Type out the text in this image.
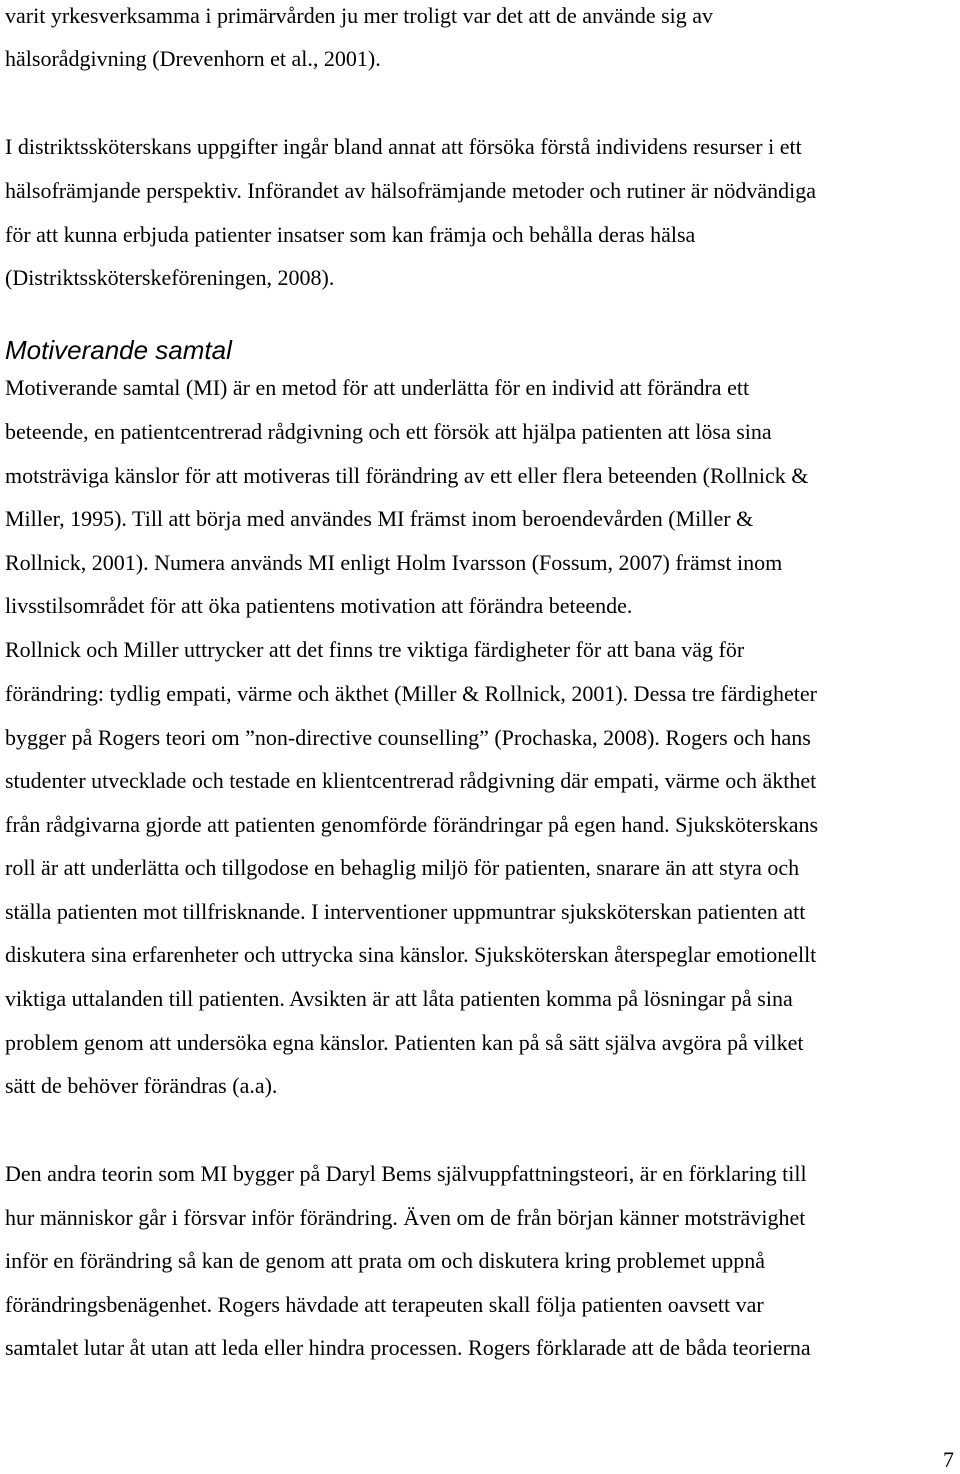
varit yrkesverksamma i primärvården ju mer troligt var det att de använde sig av

hälsorådgivning (Drevenhorn et al., 2001).

I distriktssköterskans uppgifter ingår bland annat att försöka förstå individens resurser i ett

hälsofrämjande perspektiv. Införandet av hälsofrämjande metoder och rutiner är nödvändiga

för att kunna erbjuda patienter insatser som kan främja och behålla deras hälsa

(Distriktssköterskeföreningen, 2008).

Motiverande samtal

Motiverande samtal (MI) är en metod för att underlätta för en individ att förändra ett

beteende, en patientcentrerad rådgivning och ett försök att hjälpa patienten att lösa sina

motsträviga känslor för att motiveras till förändring av ett eller flera beteenden (Rollnick &

Miller, 1995). Till att börja med användes MI främst inom beroendevården (Miller &

Rollnick, 2001). Numera används MI enligt Holm Ivarsson (Fossum, 2007) främst inom

livsstilsområdet för att öka patientens motivation att förändra beteende.

Rollnick och Miller uttrycker att det finns tre viktiga färdigheter för att bana väg för

förändring: tydlig empati, värme och äkthet (Miller & Rollnick, 2001). Dessa tre färdigheter

bygger på Rogers teori om ”non-directive counselling” (Prochaska, 2008). Rogers och hans

studenter utvecklade och testade en klientcentrerad rådgivning där empati, värme och äkthet

från rådgivarna gjorde att patienten genomförde förändringar på egen hand. Sjuksköterskans

roll är att underlätta och tillgodose en behaglig miljö för patienten, snarare än att styra och

ställa patienten mot tillfrisknande. I interventioner uppmuntrar sjuksköterskan patienten att

diskutera sina erfarenheter och uttrycka sina känslor. Sjuksköterskan återspeglar emotionellt

viktiga uttalanden till patienten. Avsikten är att låta patienten komma på lösningar på sina

problem genom att undersöka egna känslor. Patienten kan på så sätt själva avgöra på vilket

sätt de behöver förändras (a.a).

Den andra teorin som MI bygger på Daryl Bems självuppfattningsteori, är en förklaring till

hur människor går i försvar inför förändring. Även om de från början känner motsträvighet

inför en förändring så kan de genom att prata om och diskutera kring problemet uppnå

förändringsbenägenhet. Rogers hävdade att terapeuten skall följa patienten oavsett var

samtalet lutar åt utan att leda eller hindra processen. Rogers förklarade att de båda teorierna

7
